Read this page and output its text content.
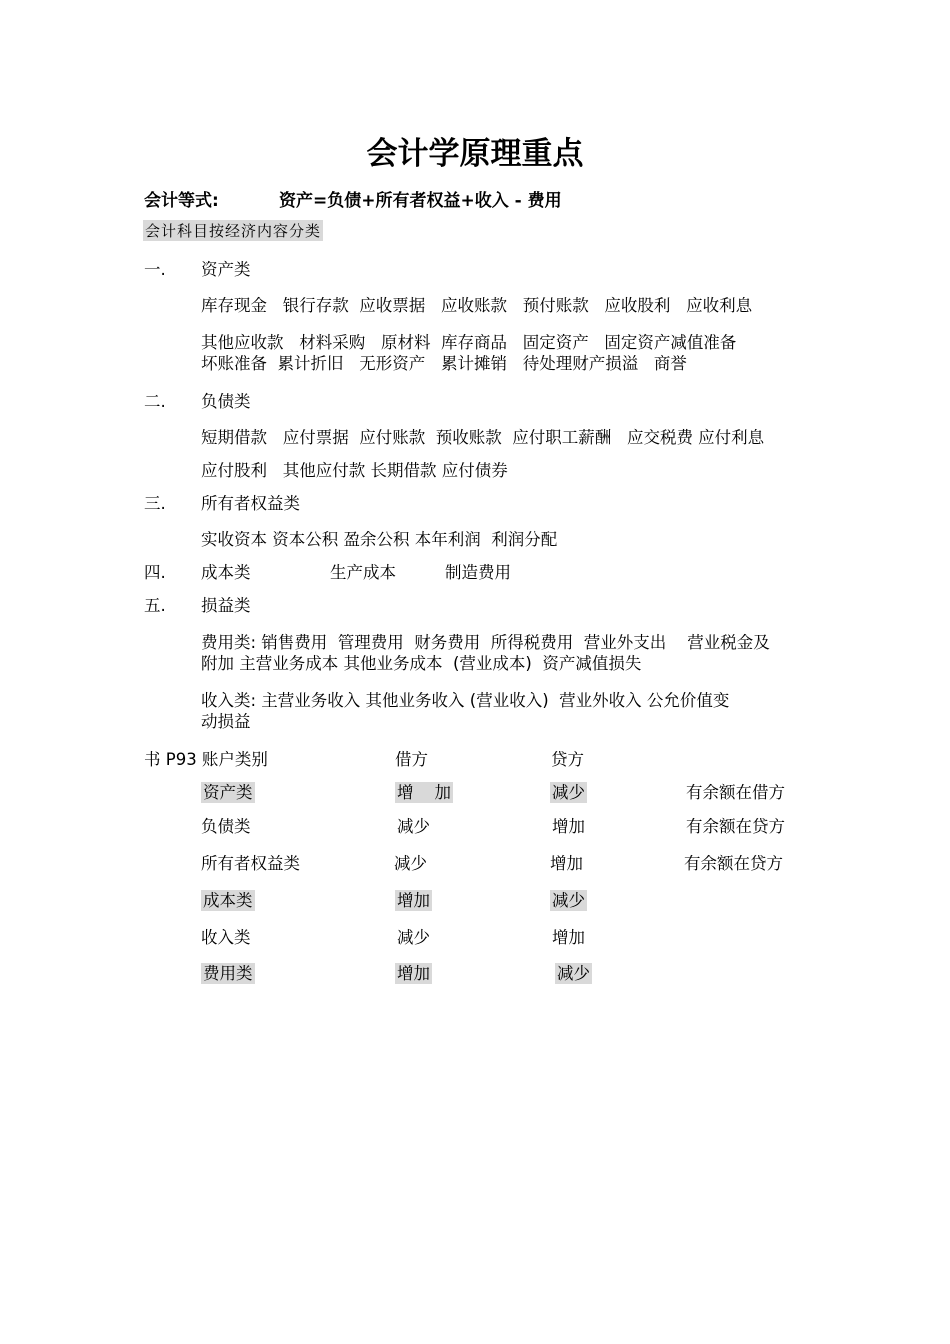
会计学原理重点
会计等式:	资产=负债+所有者权益+收入 - 费用
会计科目按经济内容分类
一. 资产类
库存现金   银行存款  应收票据   应收账款   预付账款   应收股利   应收利息
其他应收款   材料采购   原材料  库存商品   固定资产   固定资产减值准备
坏账准备  累计折旧   无形资产   累计摊销   待处理财产损溢   商誉
二. 负债类
短期借款   应付票据  应付账款  预收账款  应付职工薪酬   应交税费 应付利息
应付股利   其他应付款 长期借款 应付债券
三. 所有者权益类
实收资本 资本公积 盈余公积 本年利润  利润分配
四. 成本类	生产成本	制造费用
五. 损益类
费用类: 销售费用  管理费用  财务费用  所得税费用  营业外支出    营业税金及
附加 主营业务成本 其他业务成本  (营业成本)  资产减值损失
收入类: 主营业务收入 其他业务收入 (营业收入)  营业外收入 公允价值变
动损益
书 P93 账户类别	借方	贷方
资产类	增    加	减少	有余额在借方
负债类	减少	增加	有余额在贷方
所有者权益类	减少	增加	有余额在贷方
成本类	增加	减少
收入类	减少	增加
费用类	增加	减少
